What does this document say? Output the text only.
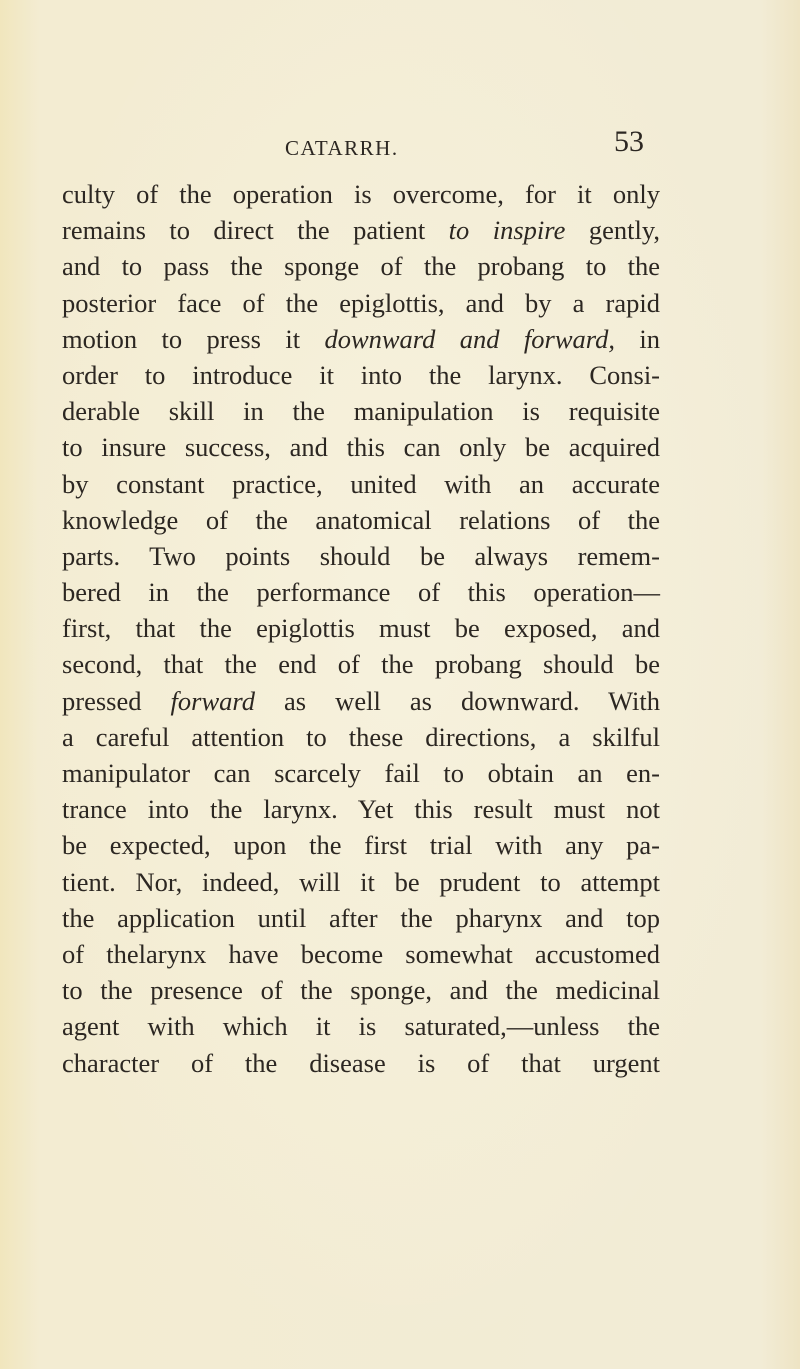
CATARRH.	53
culty of the operation is overcome, for it only
remains to direct the patient to inspire gently,
and to pass the sponge of the probang to the
posterior face of the epiglottis, and by a rapid
motion to press it downward and forward, in
order to introduce it into the larynx. Consi-
derable skill in the manipulation is requisite
to insure success, and this can only be acquired
by constant practice, united with an accurate
knowledge of the anatomical relations of the
parts. Two points should be always remem-
bered in the performance of this operation—
first, that the epiglottis must be exposed, and
second, that the end of the probang should be
pressed forward as well as downward. With
a careful attention to these directions, a skilful
manipulator can scarcely fail to obtain an en-
trance into the larynx. Yet this result must not
be expected, upon the first trial with any pa-
tient. Nor, indeed, will it be prudent to attempt
the application until after the pharynx and top
of thelarynx have become somewhat accustomed
to the presence of the sponge, and the medicinal
agent with which it is saturated,—unless the
character of the disease is of that urgent
